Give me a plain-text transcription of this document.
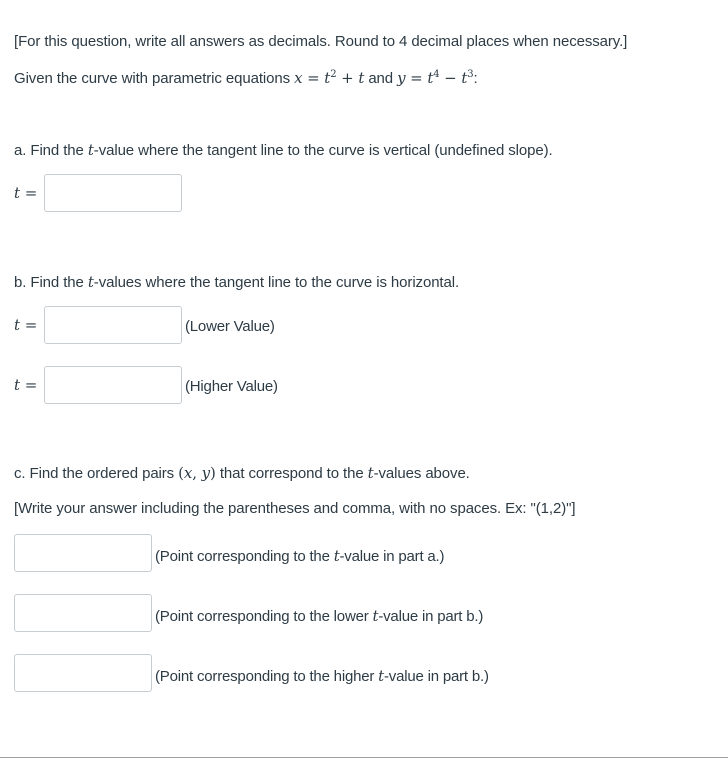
[For this question, write all answers as decimals. Round to 4 decimal places when necessary.]
Given the curve with parametric equations $x = t^2 + t$ and $y = t^4 - t^3$:
a. Find the t-value where the tangent line to the curve is vertical (undefined slope).
t =
b. Find the t-values where the tangent line to the curve is horizontal.
t =	(Lower Value)
t =	(Higher Value)
c. Find the ordered pairs (x, y) that correspond to the t-values above.
[Write your answer including the parentheses and comma, with no spaces. Ex: "(1,2)"]
(Point corresponding to the t-value in part a.)
(Point corresponding to the lower t-value in part b.)
(Point corresponding to the higher t-value in part b.)
